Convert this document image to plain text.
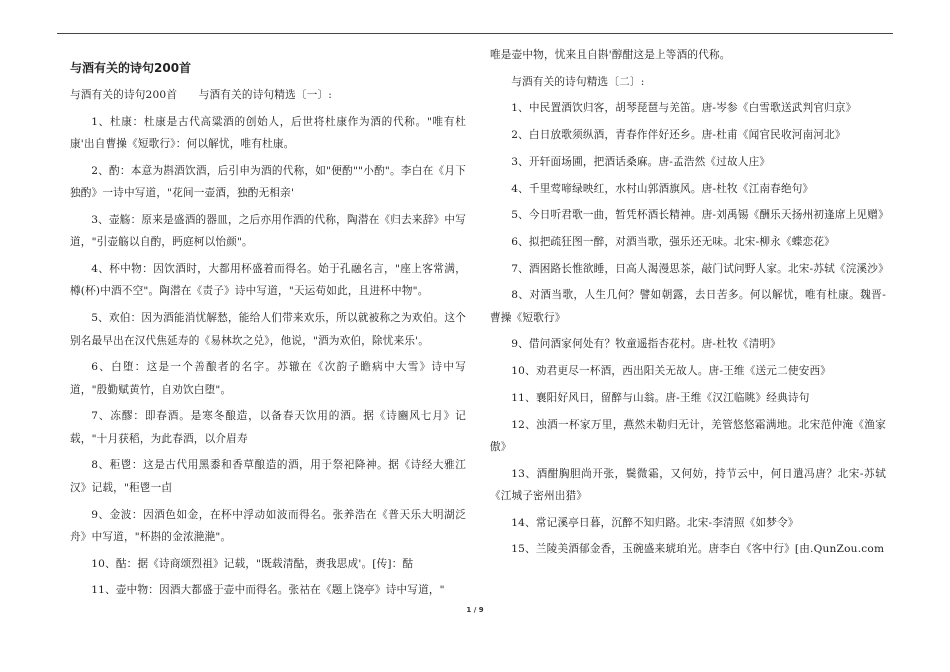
与酒有关的诗句200首
与酒有关的诗句200首　　与酒有关的诗句精选〔一〕:
1、杜康：杜康是古代高粱酒的创始人，后世将杜康作为酒的代称。"唯有杜康'出自曹操《短歌行》：何以解忧，唯有杜康。
2、酌：本意为斟酒饮酒，后引申为酒的代称，如"便酌""小酌"。李白在《月下独酌》一诗中写道，"花间一壶酒，独酌无相亲'
3、壶觞：原来是盛酒的器皿，之后亦用作酒的代称，陶潜在《归去来辞》中写道，"引壶觞以自酌，眄庭柯以怡颜"。
4、杯中物：因饮酒时，大都用杯盛着而得名。始于孔融名言，"座上客常满，樽(杯)中酒不空"。陶潜在《责子》诗中写道，"天运苟如此，且进杯中物"。
5、欢伯：因为酒能消忧解愁，能给人们带来欢乐，所以就被称之为欢伯。这个别名最早出在汉代焦延寿的《易林坎之兑》，他说，"酒为欢伯，除忧来乐'。
6、白堕：这是一个善酿者的名字。苏辙在《次韵子瞻病中大雪》诗中写道，"殷勤赋黄竹，自劝饮白堕"。
7、冻醪：即春酒。是寒冬酿造，以备春天饮用的酒。据《诗豳风七月》记载，"十月获稻，为此春酒，以介眉寿
8、秬鬯：这是古代用黑黍和香草酿造的酒，用于祭祀降神。据《诗经大雅江汉》记载，"秬鬯一卣
9、金波：因酒色如金，在杯中浮动如波而得名。张养浩在《普天乐大明湖泛舟》中写道，"杯斟的金浓滟滟"。
10、酤：据《诗商颂烈祖》记载，"既载清酤，赉我思成'。[传]：酤
11、壶中物：因酒大都盛于壶中而得名。张祜在《题上饶亭》诗中写道，"
唯是壶中物，忧来且自斟'醇酣这是上等酒的代称。
与酒有关的诗句精选〔二〕:
1、中民置酒饮归客，胡琴琵琶与羌笛。唐-岑参《白雪歌送武判官归京》
2、白日放歌须纵酒，青春作伴好还乡。唐-杜甫《闻官民收河南河北》
3、开轩面场圃，把酒话桑麻。唐-孟浩然《过故人庄》
4、千里莺啼绿映红，水村山郭酒旗风。唐-杜牧《江南春绝句》
5、今日听君歌一曲，暂凭杯酒长精神。唐-刘禹锡《酬乐天扬州初逢席上见赠》
6、拟把疏狂图一醉，对酒当歌，强乐还无味。北宋-柳永《蝶恋花》
7、酒困路长惟欲睡，日高人渴漫思茶，敲门试问野人家。北宋-苏轼《浣溪沙》
8、对酒当歌，人生几何？譬如朝露，去日苦多。何以解忧，唯有杜康。魏晋-曹操《短歌行》
9、借问酒家何处有？牧童遥指杏花村。唐-杜牧《清明》
10、劝君更尽一杯酒，西出阳关无故人。唐-王维《送元二使安西》
11、襄阳好风日，留醉与山翁。唐-王维《汉江临眺》经典诗句
12、浊酒一杯家万里，燕然未勒归无计，羌管悠悠霜满地。北宋范仲淹《渔家傲》
13、酒酣胸胆尚开张，鬓微霜，又何妨，持节云中，何日遣冯唐？北宋-苏轼《江城子密州出猎》
14、常记溪亭日暮，沉醉不知归路。北宋-李清照《如梦令》
15、兰陵美酒郁金香，玉碗盛来琥珀光。唐李白《客中行》[由.QunZou.com
1 / 9
